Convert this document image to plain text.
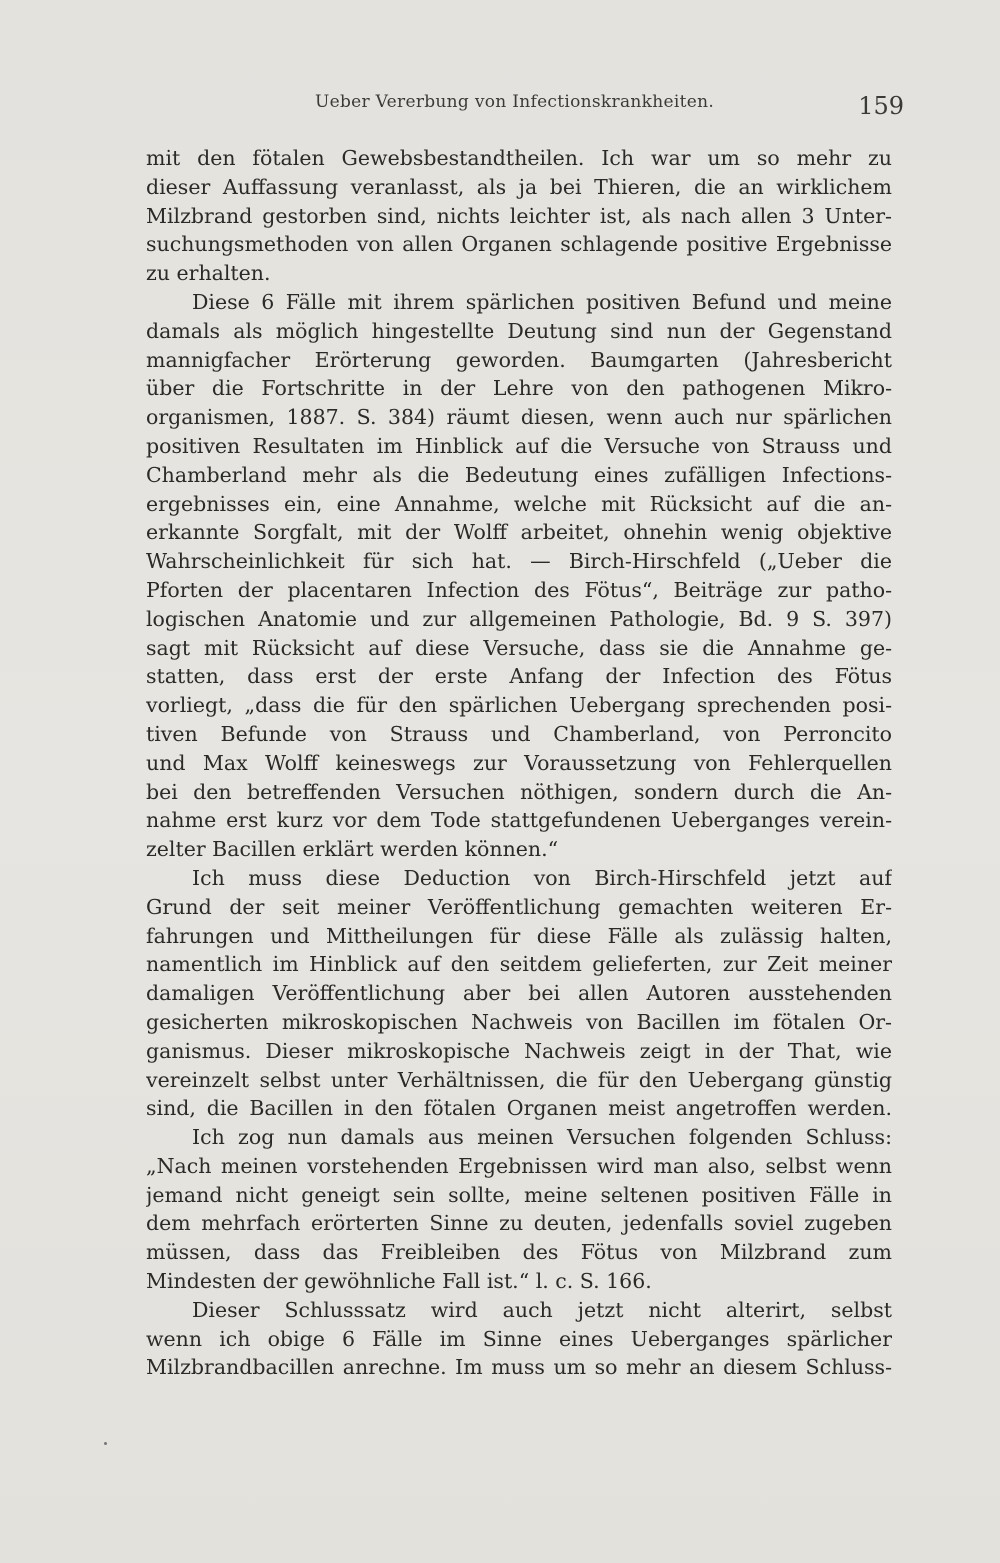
Ueber Vererbung von Infectionskrankheiten.	159
mit den fötalen Gewebsbestandtheilen. Ich war um so mehr zu
dieser Auffassung veranlasst, als ja bei Thieren, die an wirklichem
Milzbrand gestorben sind, nichts leichter ist, als nach allen 3 Unter-
suchungsmethoden von allen Organen schlagende positive Ergebnisse
zu erhalten.
Diese 6 Fälle mit ihrem spärlichen positiven Befund und meine
damals als möglich hingestellte Deutung sind nun der Gegenstand
mannigfacher Erörterung geworden. Baumgarten (Jahresbericht
über die Fortschritte in der Lehre von den pathogenen Mikro-
organismen, 1887. S. 384) räumt diesen, wenn auch nur spärlichen
positiven Resultaten im Hinblick auf die Versuche von Strauss und
Chamberland mehr als die Bedeutung eines zufälligen Infections-
ergebnisses ein, eine Annahme, welche mit Rücksicht auf die an-
erkannte Sorgfalt, mit der Wolff arbeitet, ohnehin wenig objektive
Wahrscheinlichkeit für sich hat. — Birch-Hirschfeld („Ueber die
Pforten der placentaren Infection des Fötus“, Beiträge zur patho-
logischen Anatomie und zur allgemeinen Pathologie, Bd. 9 S. 397)
sagt mit Rücksicht auf diese Versuche, dass sie die Annahme ge-
statten, dass erst der erste Anfang der Infection des Fötus
vorliegt, „dass die für den spärlichen Uebergang sprechenden posi-
tiven Befunde von Strauss und Chamberland, von Perroncito
und Max Wolff keineswegs zur Voraussetzung von Fehlerquellen
bei den betreffenden Versuchen nöthigen, sondern durch die An-
nahme erst kurz vor dem Tode stattgefundenen Ueberganges verein-
zelter Bacillen erklärt werden können.“
Ich muss diese Deduction von Birch-Hirschfeld jetzt auf
Grund der seit meiner Veröffentlichung gemachten weiteren Er-
fahrungen und Mittheilungen für diese Fälle als zulässig halten,
namentlich im Hinblick auf den seitdem gelieferten, zur Zeit meiner
damaligen Veröffentlichung aber bei allen Autoren ausstehenden
gesicherten mikroskopischen Nachweis von Bacillen im fötalen Or-
ganismus. Dieser mikroskopische Nachweis zeigt in der That, wie
vereinzelt selbst unter Verhältnissen, die für den Uebergang günstig
sind, die Bacillen in den fötalen Organen meist angetroffen werden.
Ich zog nun damals aus meinen Versuchen folgenden Schluss:
„Nach meinen vorstehenden Ergebnissen wird man also, selbst wenn
jemand nicht geneigt sein sollte, meine seltenen positiven Fälle in
dem mehrfach erörterten Sinne zu deuten, jedenfalls soviel zugeben
müssen, dass das Freibleiben des Fötus von Milzbrand zum
Mindesten der gewöhnliche Fall ist.“ l. c. S. 166.
Dieser Schlusssatz wird auch jetzt nicht alterirt, selbst
wenn ich obige 6 Fälle im Sinne eines Ueberganges spärlicher
Milzbrandbacillen anrechne. Im muss um so mehr an diesem Schluss-
